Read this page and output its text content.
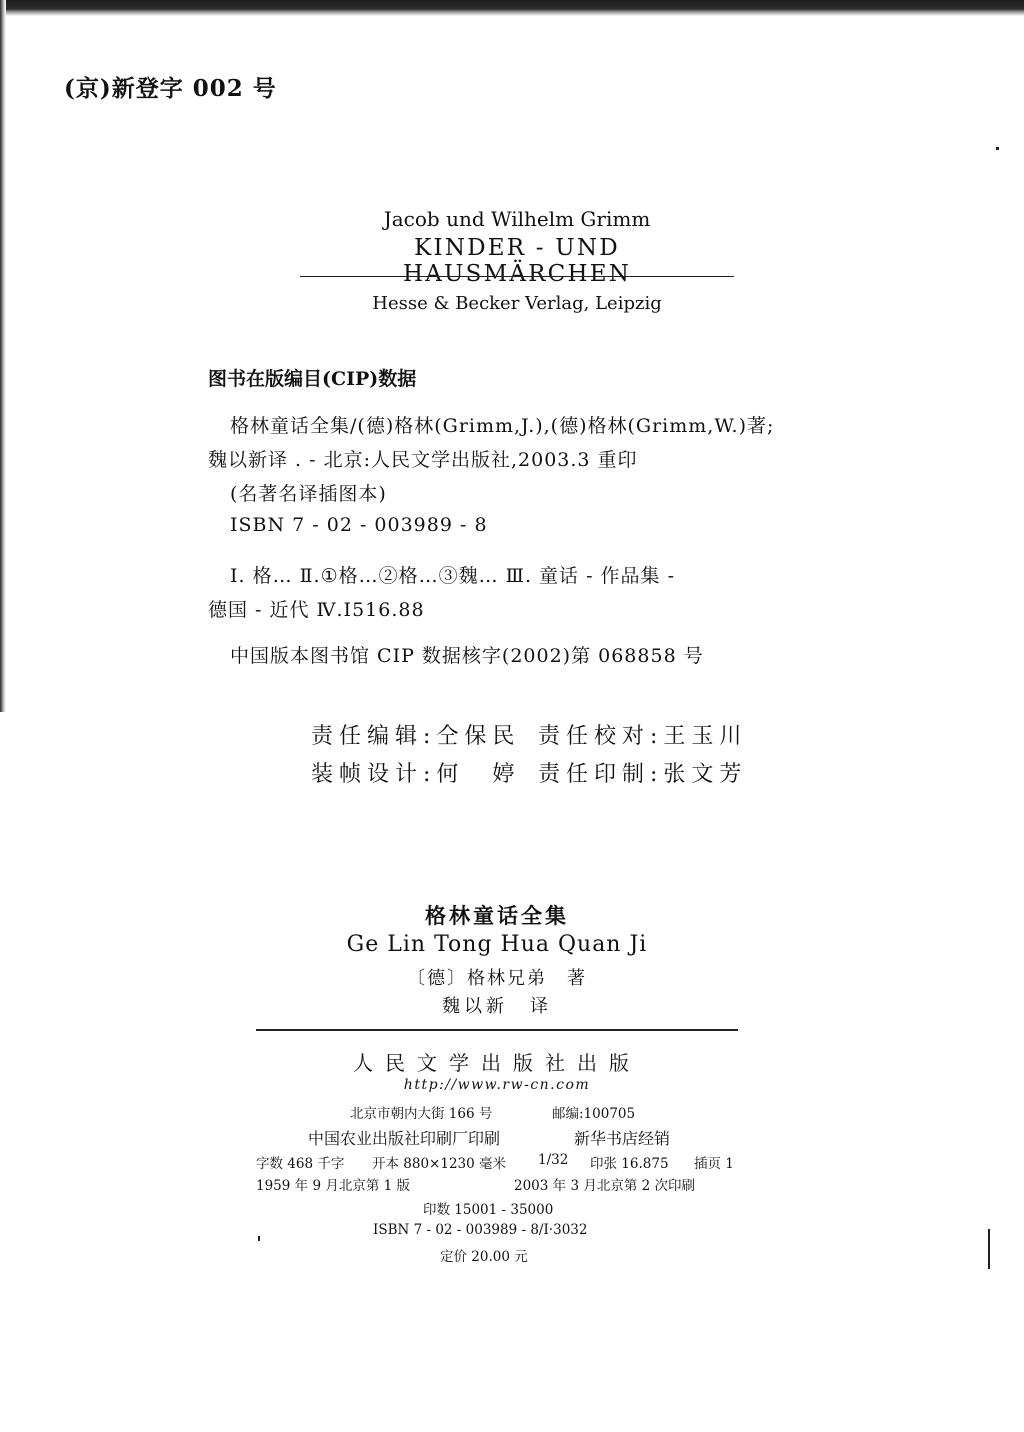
(京)新登字 002 号
Jacob und Wilhelm Grimm
KINDER - UND HAUSMÄRCHEN
Hesse & Becker Verlag, Leipzig
图书在版编目(CIP)数据
格林童话全集/(德)格林(Grimm,J.),(德)格林(Grimm,W.)著;
魏以新译 . - 北京:人民文学出版社,2003.3 重印
(名著名译插图本)
ISBN 7 - 02 - 003989 - 8
Ⅰ. 格… Ⅱ.①格…②格…③魏… Ⅲ. 童话 - 作品集 -
德国 - 近代 Ⅳ.I516.88
中国版本图书馆 CIP 数据核字(2002)第 068858 号
责任编辑:仝保民 责任校对:王玉川
装帧设计:何　婷 责任印制:张文芳
格林童话全集
Ge Lin Tong Hua Quan Ji
〔德〕格林兄弟　著
魏以新　译
人民文学出版社出版
http://www.rw-cn.com
北京市朝内大街 166 号	邮编:100705
中国农业出版社印刷厂印刷	新华书店经销
字数 468 千字 开本 880×1230 毫米 1/32 印张 16.875 插页 1
1959 年 9 月北京第 1 版	2003 年 3 月北京第 2 次印刷
印数 15001 - 35000
ISBN 7 - 02 - 003989 - 8/I·3032
定价 20.00 元
